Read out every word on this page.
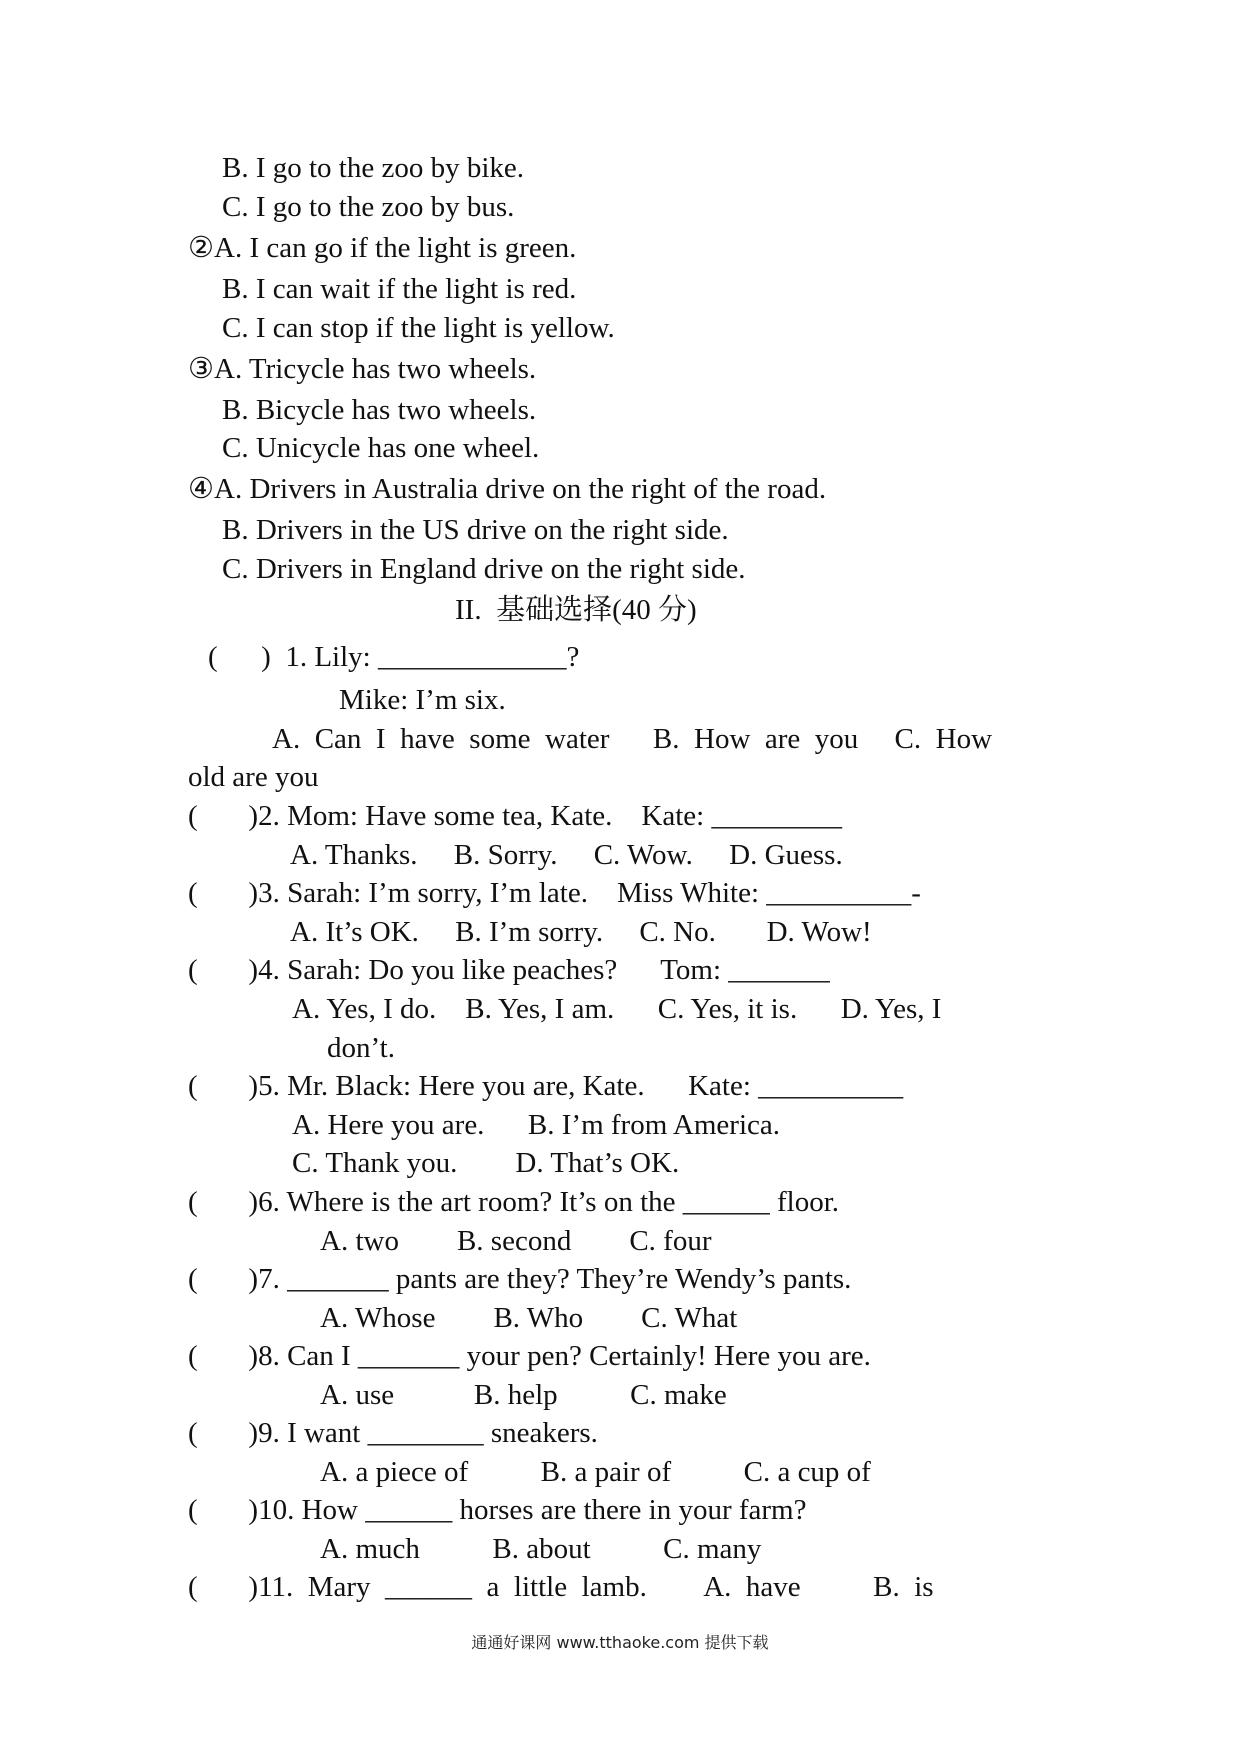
B. I go to the zoo by bike.
C. I go to the zoo by bus.
②A. I can go if the light is green.
B. I can wait if the light is red.
C. I can stop if the light is yellow.
③A. Tricycle has two wheels.
B. Bicycle has two wheels.
C. Unicycle has one wheel.
④A. Drivers in Australia drive on the right of the road.
B. Drivers in the US drive on the right side.
C. Drivers in England drive on the right side.
II.  基础选择(40 分)
(      )  1. Lily: _____________?
Mike: I’m six.
A.  Can  I  have  some  water      B.  How  are  you     C.  How
old are you
(       )2. Mom: Have some tea, Kate.    Kate: _________
A. Thanks.     B. Sorry.     C. Wow.     D. Guess.
(       )3. Sarah: I’m sorry, I’m late.    Miss White: __________-
A. It’s OK.     B. I’m sorry.     C. No.       D. Wow!
(       )4. Sarah: Do you like peaches?      Tom: _______
A. Yes, I do.    B. Yes, I am.      C. Yes, it is.      D. Yes, I
don’t.
(       )5. Mr. Black: Here you are, Kate.      Kate: __________
A. Here you are.      B. I’m from America.
C. Thank you.        D. That’s OK.
(       )6. Where is the art room? It’s on the ______ floor.
A. two        B. second        C. four
(       )7. _______ pants are they? They’re Wendy’s pants.
A. Whose        B. Who        C. What
(       )8. Can I _______ your pen? Certainly! Here you are.
A. use           B. help          C. make
(       )9. I want ________ sneakers.
A. a piece of          B. a pair of          C. a cup of
(       )10. How ______ horses are there in your farm?
A. much          B. about          C. many
(       )11.  Mary  ______  a  little  lamb.        A.  have          B.  is
通通好课网 www.tthaoke.com 提供下载
